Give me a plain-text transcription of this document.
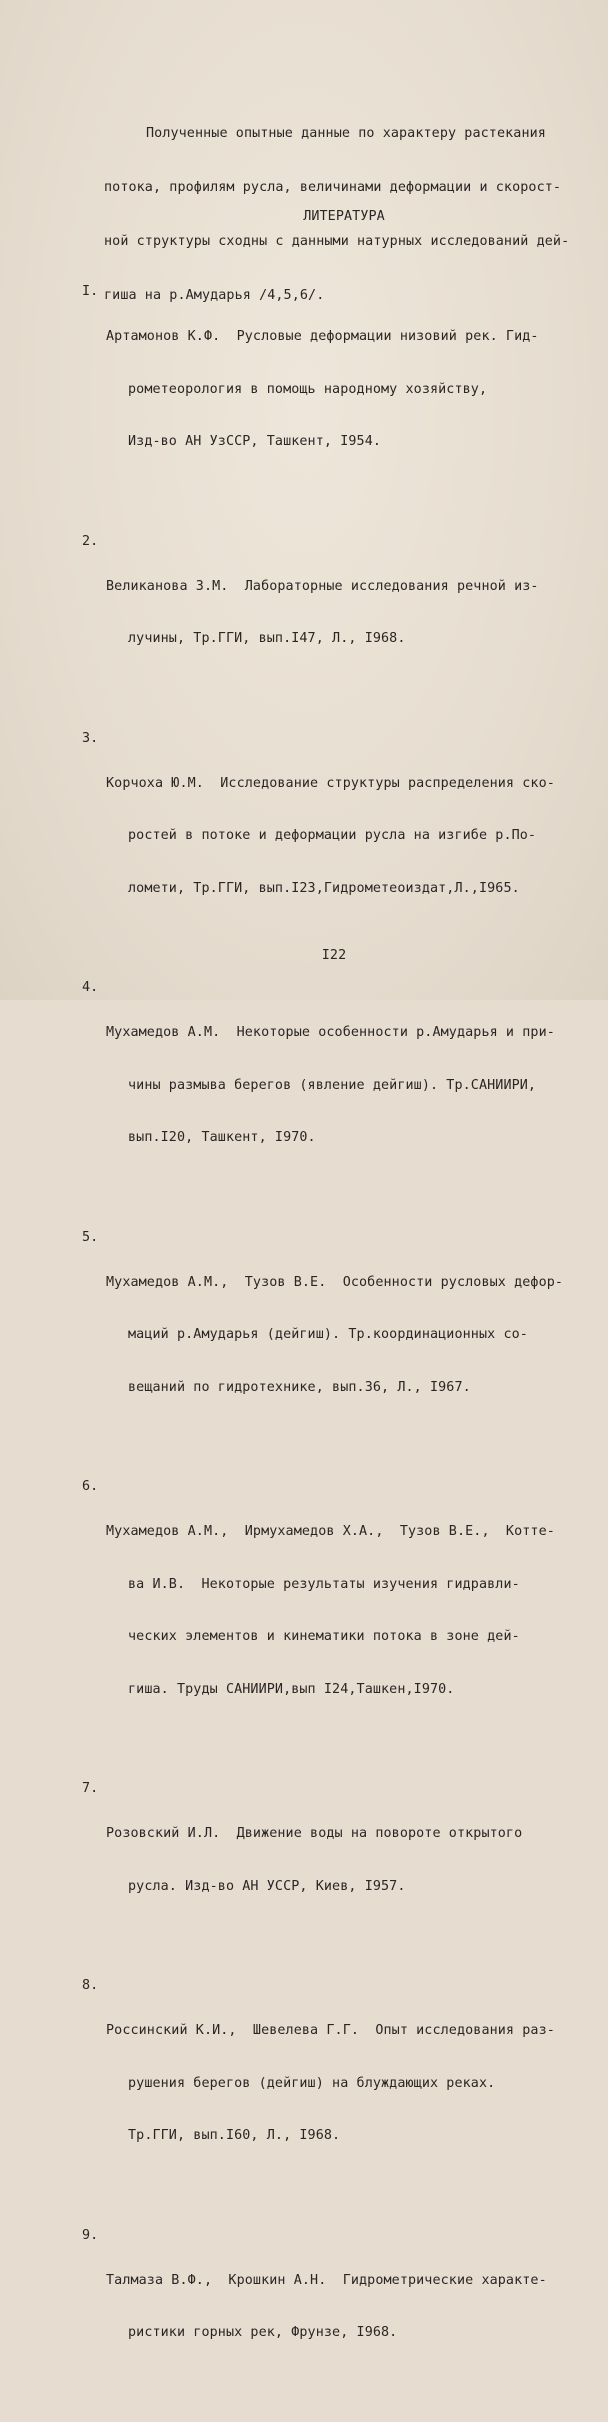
Полученные опытные данные по характеру растекания

потока, профилям русла, величинами деформации и скорост-

ной структуры сходны с данными натурных исследований дей-

гиша на р.Амударья /4,5,6/.

ЛИТЕРАТУРА

I.

Артамонов К.Ф.  Русловые деформации низовий рек. Гид-

рометеорология в помощь народному хозяйству,

Изд-во АН УзССР, Ташкент, I954.

2.

Великанова З.М.  Лабораторные исследования речной из-

лучины, Тр.ГГИ, вып.I47, Л., I968.

3.

Корчоха Ю.М.  Исследование структуры распределения ско-

ростей в потоке и деформации русла на изгибе р.По-

ломети, Тр.ГГИ, вып.I23,Гидрометеоиздат,Л.,I965.

4.

Мухамедов А.М.  Некоторые особенности р.Амударья и при-

чины размыва берегов (явление дейгиш). Тр.САНИИРИ,

вып.I20, Ташкент, I970.

5.

Мухамедов А.М.,  Тузов В.Е.  Особенности русловых дефор-

маций р.Амударья (дейгиш). Тр.координационных со-

вещаний по гидротехнике, вып.36, Л., I967.

6.

Мухамедов А.М.,  Ирмухамедов Х.А.,  Тузов В.Е.,  Котте-

ва И.В.  Некоторые результаты изучения гидравли-

ческих элементов и кинематики потока в зоне дей-

гиша. Труды САНИИРИ,вып I24,Ташкен,I970.

7.

Розовский И.Л.  Движение воды на повороте открытого

русла. Изд-во АН УССР, Киев, I957.

8.

Россинский К.И.,  Шевелева Г.Г.  Опыт исследования раз-

рушения берегов (дейгиш) на блуждающих реках.

Тр.ГГИ, вып.I60, Л., I968.

9.

Талмаза В.Ф.,  Крошкин А.Н.  Гидрометрические характе-

ристики горных рек, Фрунзе, I968.

I22
